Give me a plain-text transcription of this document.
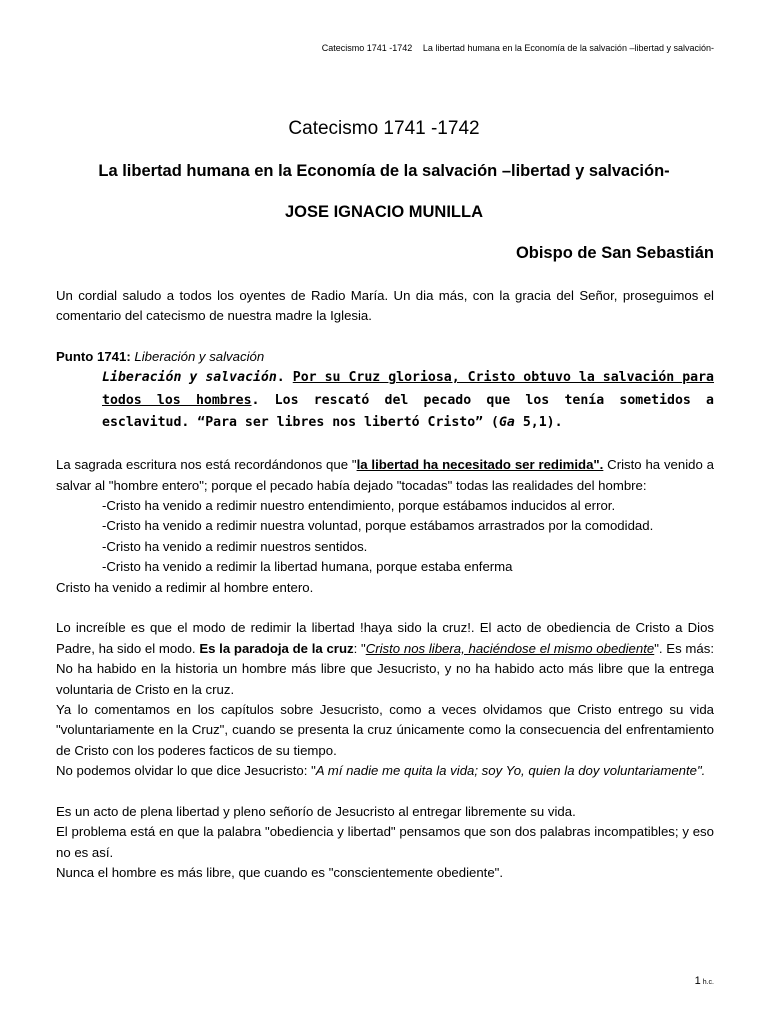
Catecismo 1741 -1742 La libertad humana en la Economía de la salvación –libertad y salvación-
Catecismo 1741 -1742
La libertad humana en la Economía de la salvación –libertad y salvación-
JOSE IGNACIO MUNILLA
Obispo de San Sebastián

Un cordial saludo a todos los oyentes de Radio María. Un dia más, con la gracia del Señor, proseguimos el comentario del catecismo de nuestra madre la Iglesia.

Punto 1741: Liberación y salvación

Liberación y salvación. Por su Cruz gloriosa, Cristo obtuvo la salvación para todos los hombres. Los rescató del pecado que los tenía sometidos a esclavitud. “Para ser libres nos libertó Cristo” (Ga 5,1).

La sagrada escritura nos está recordándonos que "la libertad ha necesitado ser redimida". Cristo ha venido a salvar al "hombre entero"; porque el pecado había dejado "tocadas" todas las realidades del hombre:

-Cristo ha venido a redimir nuestro entendimiento, porque estábamos inducidos al error.
-Cristo ha venido a redimir nuestra voluntad, porque estábamos arrastrados por la comodidad.
-Cristo ha venido a redimir nuestros sentidos.
-Cristo ha venido a redimir la libertad humana, porque estaba enferma

Cristo ha venido a redimir al hombre entero.

Lo increíble es que el modo de redimir la libertad !haya sido la cruz!. El acto de obediencia de Cristo a Dios Padre, ha sido el modo. Es la paradoja de la cruz: "Cristo nos libera, haciéndose el mismo obediente". Es más: No ha habido en la historia un hombre más libre que Jesucristo, y no ha habido acto más libre que la entrega voluntaria de Cristo en la cruz.

Ya lo comentamos en los capítulos sobre Jesucristo, como a veces olvidamos que Cristo entrego su vida "voluntariamente en la Cruz", cuando se presenta la cruz únicamente como la consecuencia del enfrentamiento de Cristo con los poderes facticos de su tiempo.

No podemos olvidar lo que dice Jesucristo: "A mí nadie me quita la vida; soy Yo, quien la doy voluntariamente".

Es un acto de plena libertad y pleno señorío de Jesucristo al entregar libremente su vida.

El problema está en que la palabra "obediencia y libertad" pensamos que son dos palabras incompatibles; y eso no es así.

Nunca el hombre es más libre, que cuando es "conscientemente obediente".

1 h.c.
